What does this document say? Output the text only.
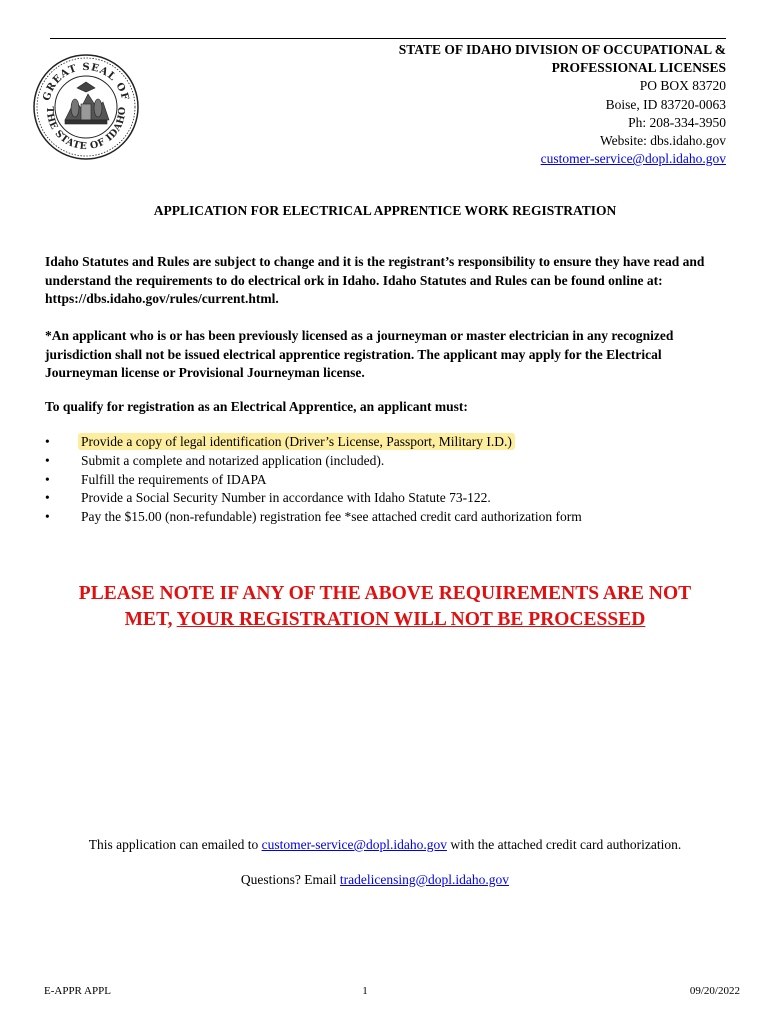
GREAT SEAL OF
THE STATE OF IDAHO
STATE OF IDAHO DIVISION OF OCCUPATIONAL &
PROFESSIONAL LICENSES
PO BOX 83720
Boise, ID 83720-0063
Ph: 208-334-3950
Website: dbs.idaho.gov
customer-service@dopl.idaho.gov
APPLICATION FOR ELECTRICAL APPRENTICE WORK REGISTRATION
Idaho Statutes and Rules are subject to change and it is the registrant’s responsibility to ensure they have read and understand the requirements to do electrical ork in Idaho. Idaho Statutes and Rules can be found online at: https://dbs.idaho.gov/rules/current.html.
*An applicant who is or has been previously licensed as a journeyman or master electrician in any recognized jurisdiction shall not be issued electrical apprentice registration. The applicant may apply for the Electrical Journeyman license or Provisional Journeyman license.
To qualify for registration as an Electrical Apprentice, an applicant must:
• Provide a copy of legal identification (Driver’s License, Passport, Military I.D.)
• Submit a complete and notarized application (included).
• Fulfill the requirements of IDAPA
• Provide a Social Security Number in accordance with Idaho Statute 73-122.
• Pay the $15.00 (non-refundable) registration fee *see attached credit card authorization form
PLEASE NOTE IF ANY OF THE ABOVE REQUIREMENTS ARE NOT
MET, YOUR REGISTRATION WILL NOT BE PROCESSED
This application can emailed to customer-service@dopl.idaho.gov with the attached credit card authorization.
Questions? Email tradelicensing@dopl.idaho.gov
E-APPR APPL	1	09/20/2022
